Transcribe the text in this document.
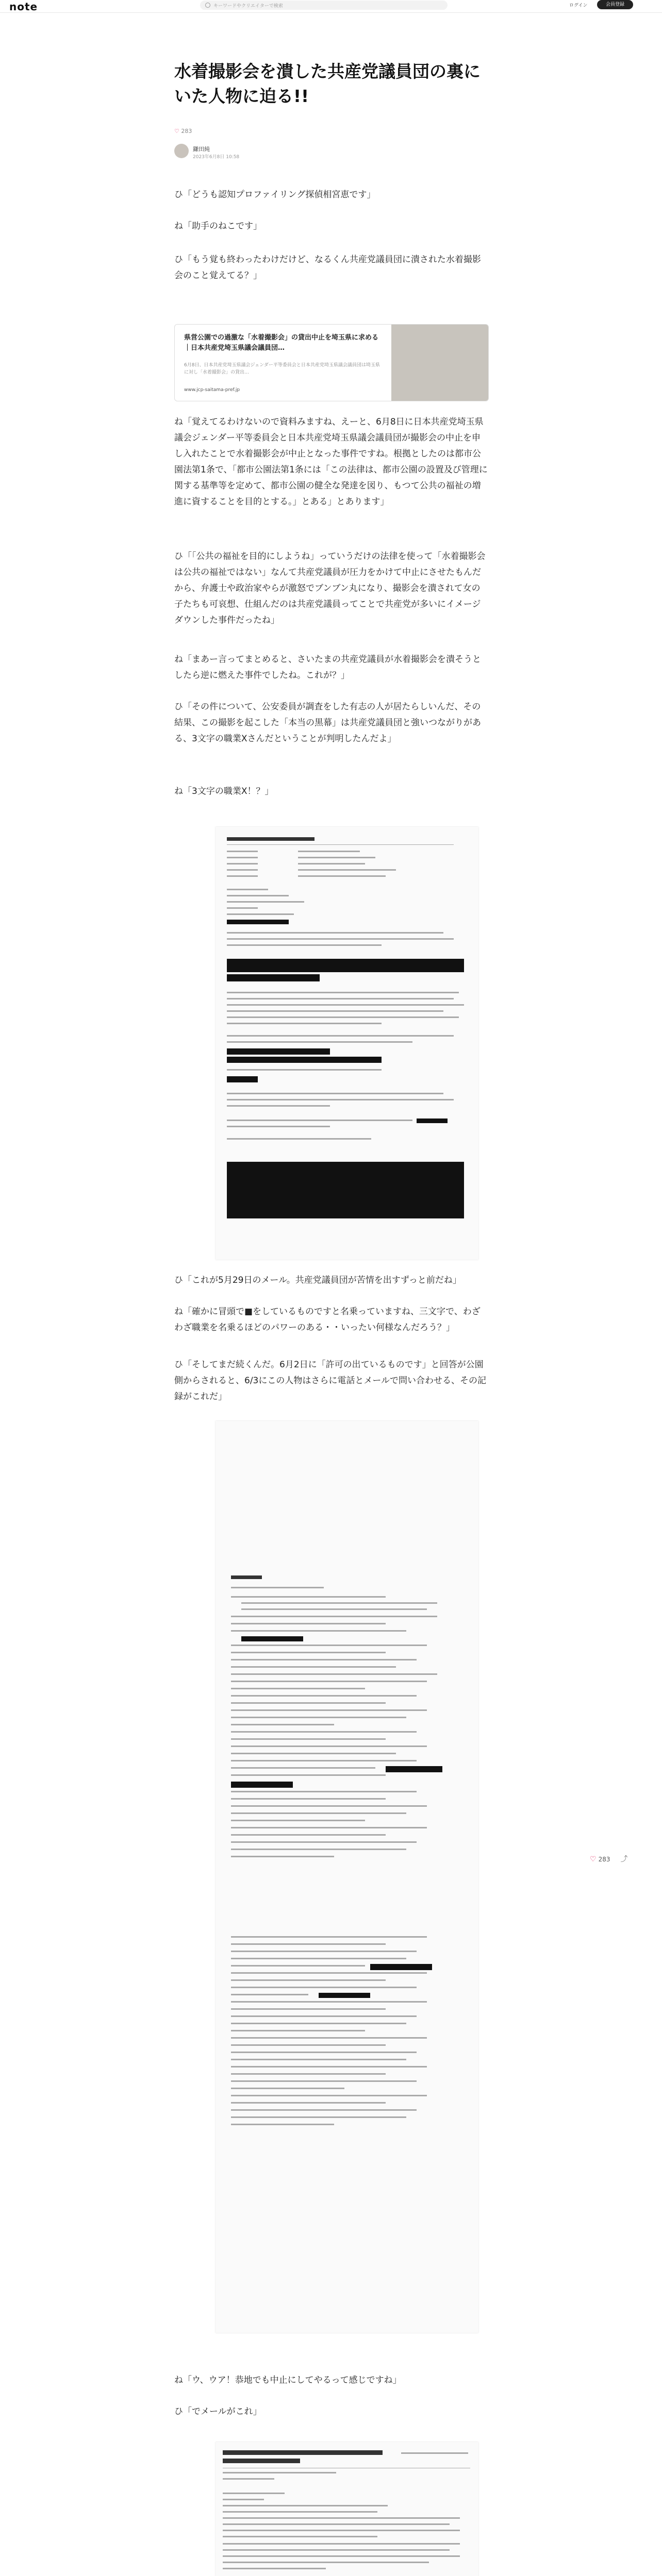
note	キーワードやクリエイターで検索	ログイン	会員登録
水着撮影会を潰した共産党議員団の裏にいた人物に迫る!!
♡ 283
鎌田純
2023年6月8日 10:58

ひ「どうも認知プロファイリング探偵相宮恵です」

ね「助手のねこです」

ひ「もう覚も終わったわけだけど、なるくん共産党議員団に潰された水着撮影会のこと覚えてる？」

県営公園での過激な「水着撮影会」の貸出中止を埼玉県に求める｜日本共産党埼玉県議会議員団…
6月8日、日本共産党埼玉県議会ジェンダー平等委員会と日本共産党埼玉県議会議員団は埼玉県に対し「水着撮影会」の貸出…
www.jcp-saitama-pref.jp

ね「覚えてるわけないので資料みますね、えーと、6月8日に日本共産党埼玉県議会ジェンダー平等委員会と日本共産党埼玉県議会議員団が撮影会の中止を申し入れたことで水着撮影会が中止となった事件ですね。根拠としたのは都市公園法第1条で、「都市公園法第1条には「この法律は、都市公園の設置及び管理に関する基準等を定めて、都市公園の健全な発達を図り、もつて公共の福祉の増進に資することを目的とする。」とある」とあります」

ひ「「公共の福祉を目的にしようね」っていうだけの法律を使って「水着撮影会は公共の福祉ではない」なんて共産党議員が圧力をかけて中止にさせたもんだから、弁護士や政治家やらが激怒でブンブン丸になり、撮影会を潰されて女の子たちも可哀想、仕組んだのは共産党議員ってことで共産党が多いにイメージダウンした事件だったね」

ね「まあー言ってまとめると、さいたまの共産党議員が水着撮影会を潰そうとしたら逆に燃えた事件でしたね。これが？」

ひ「その件について、公安委員が調査をした有志の人が居たらしいんだ、その結果、この撮影を起こした「本当の黒幕」は共産党議員団と強いつながりがある、3文字の職業Xさんだということが判明したんだよ」

ね「3文字の職業X！？」

ひ「これが5月29日のメール。共産党議員団が苦情を出すずっと前だね」

ね「確かに冒頭で■をしているものですと名乗っていますね、三文字で、わざわざ職業を名乗るほどのパワーのある・・いったい何様なんだろう？」

ひ「そしてまだ続くんだ。6月2日に「許可の出ているものです」と回答が公園側からされると、6/3にこの人物はさらに電話とメールで問い合わせる、その記録がこれだ」

♡ 283 ⤴

ね「ウ、ウア！恭地でも中止にしてやるって感じですね」

ひ「でメールがこれ」
